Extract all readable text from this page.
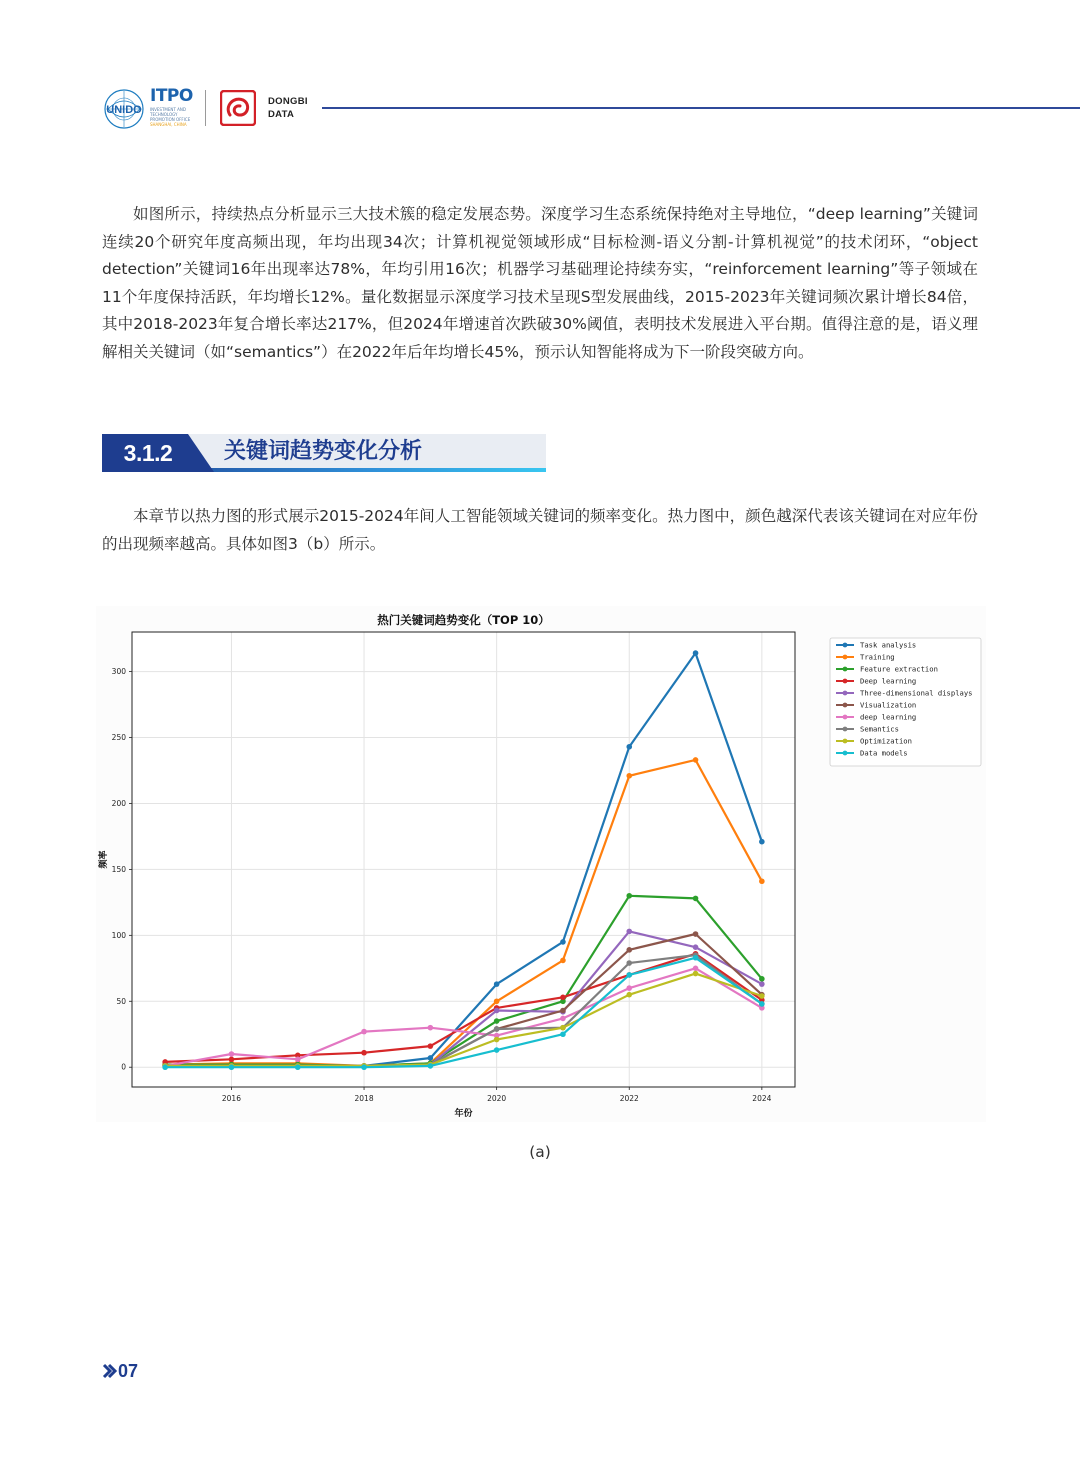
UNIDO
ITPO
INVESTMENT AND TECHNOLOGY PROMOTION OFFICE
SHANGHAI, CHINA
DONGBI
DATA

如图所示，持续热点分析显示三大技术簇的稳定发展态势。深度学习生态系统保持绝对主导地位，“deep learning”关键词连续20个研究年度高频出现，年均出现34次；计算机视觉领域形成“目标检测-语义分割-计算机视觉”的技术闭环，“object detection”关键词16年出现率达78%，年均引用16次；机器学习基础理论持续夯实，“reinforcement learning”等子领域在11个年度保持活跃，年均增长12%。量化数据显示深度学习技术呈现S型发展曲线，2015-2023年关键词频次累计增长84倍，其中2018-2023年复合增长率达217%，但2024年增速首次跌破30%阈值，表明技术发展进入平台期。值得注意的是，语义理解相关关键词（如“semantics”）在2022年后年均增长45%，预示认知智能将成为下一阶段突破方向。

3.1.2	关键词趋势变化分析

本章节以热力图的形式展示2015-2024年间人工智能领域关键词的频率变化。热力图中，颜色越深代表该关键词在对应年份的出现频率越高。具体如图3（b）所示。

2016	2018	2020	2022	2024
0
50
100
150
200
250
300
热门关键词趋势变化（TOP 10）
年份
频率
Task analysis
Training
Feature extraction
Deep learning
Three-dimensional displays
Visualization
deep learning
Semantics
Optimization
Data models
(a)
07
